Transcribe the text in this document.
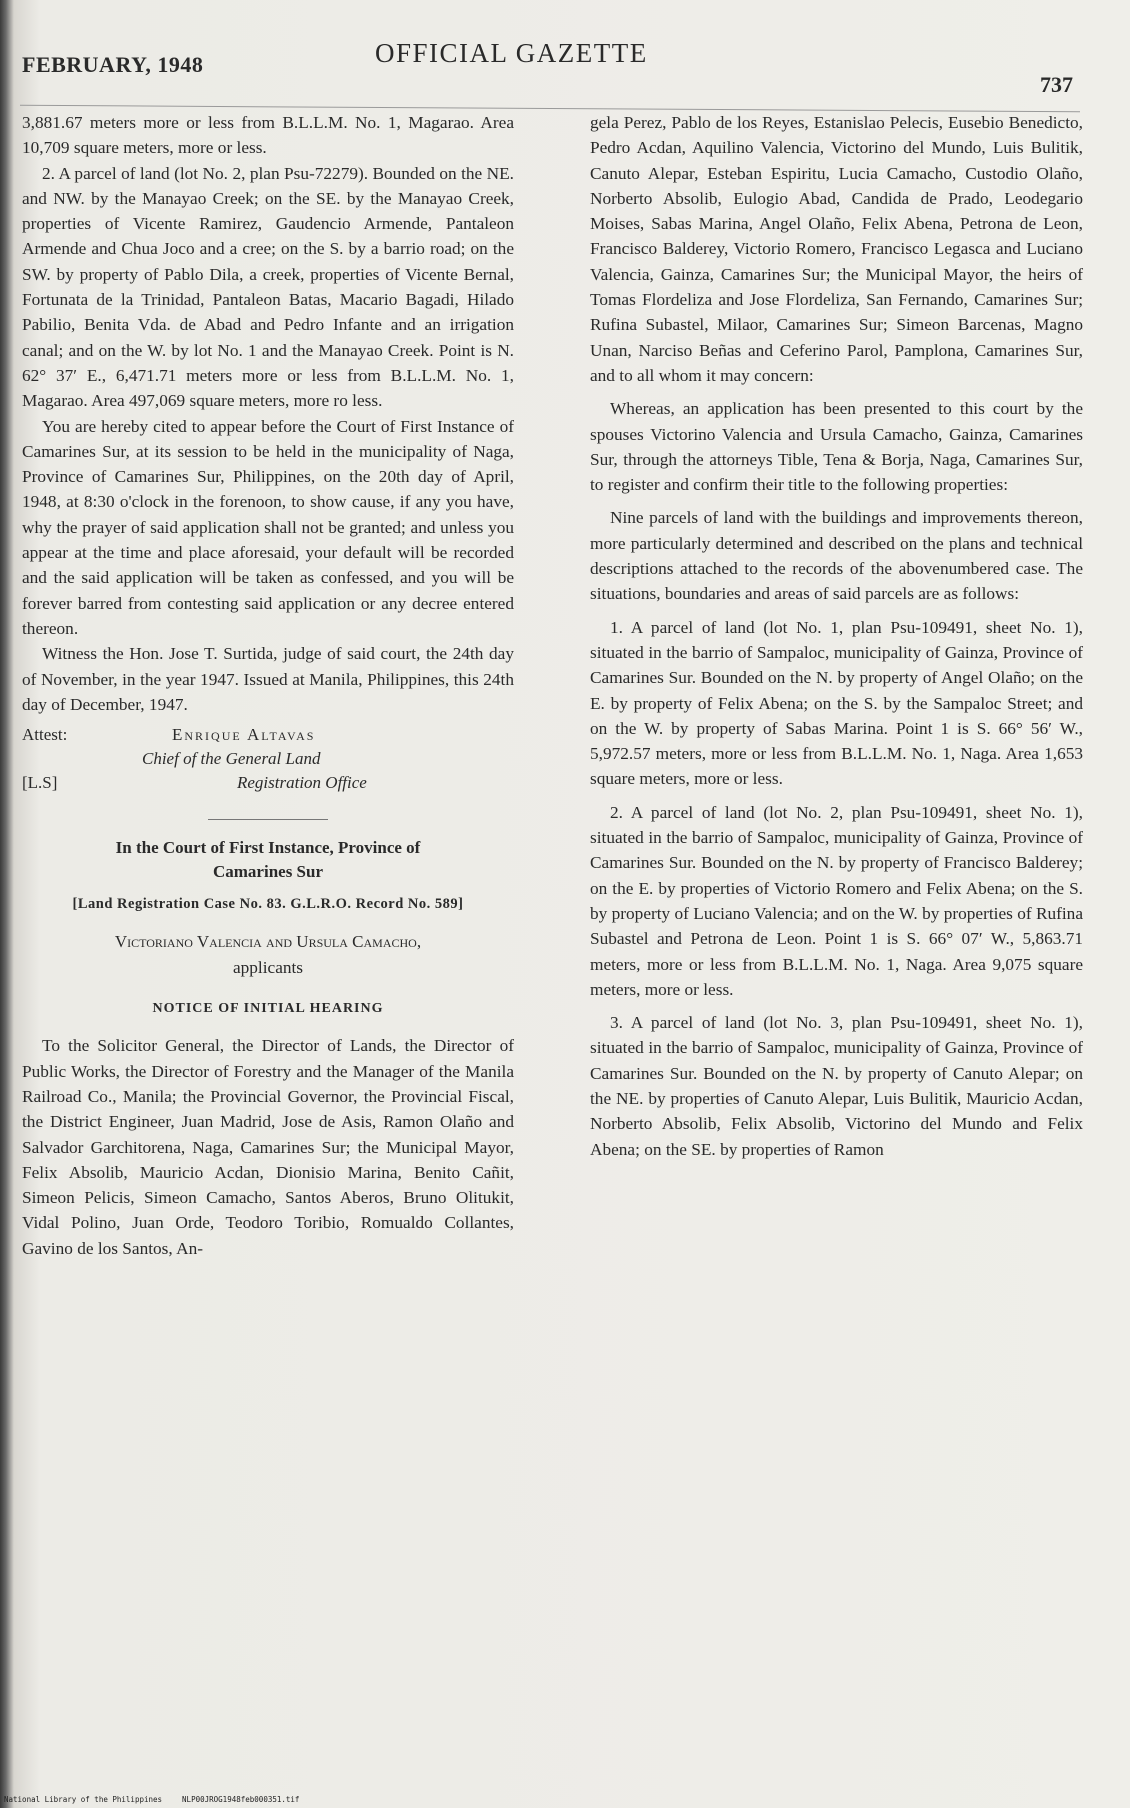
FEBRUARY, 1948	OFFICIAL GAZETTE
737

3,881.67 meters more or less from B.L.L.M. No. 1, Magarao. Area 10,709 square meters, more or less.

2. A parcel of land (lot No. 2, plan Psu-72279). Bounded on the NE. and NW. by the Manayao Creek; on the SE. by the Manayao Creek, properties of Vicente Ramirez, Gaudencio Armende, Pantaleon Armende and Chua Joco and a cree; on the S. by a barrio road; on the SW. by property of Pablo Dila, a creek, properties of Vicente Bernal, Fortunata de la Trinidad, Pantaleon Batas, Macario Bagadi, Hilado Pabilio, Benita Vda. de Abad and Pedro Infante and an irrigation canal; and on the W. by lot No. 1 and the Manayao Creek. Point is N. 62° 37′ E., 6,471.71 meters more or less from B.L.L.M. No. 1, Magarao. Area 497,069 square meters, more ro less.

You are hereby cited to appear before the Court of First Instance of Camarines Sur, at its session to be held in the municipality of Naga, Province of Camarines Sur, Philippines, on the 20th day of April, 1948, at 8:30 o'clock in the forenoon, to show cause, if any you have, why the prayer of said application shall not be granted; and unless you appear at the time and place aforesaid, your default will be recorded and the said application will be taken as confessed, and you will be forever barred from contesting said application or any decree entered thereon.

Witness the Hon. Jose T. Surtida, judge of said court, the 24th day of November, in the year 1947. Issued at Manila, Philippines, this 24th day of December, 1947.

Attest:	Enrique Altavas
Chief of the General Land
[L.S]	Registration Office
In the Court of First Instance, Province of
Camarines Sur
[Land Registration Case No. 83. G.L.R.O. Record No. 589]
Victoriano Valencia and Ursula Camacho,
applicants
NOTICE OF INITIAL HEARING

To the Solicitor General, the Director of Lands, the Director of Public Works, the Director of Forestry and the Manager of the Manila Railroad Co., Manila; the Provincial Governor, the Provincial Fiscal, the District Engineer, Juan Madrid, Jose de Asis, Ramon Olaño and Salvador Garchitorena, Naga, Camarines Sur; the Municipal Mayor, Felix Absolib, Mauricio Acdan, Dionisio Marina, Benito Cañit, Simeon Pelicis, Simeon Camacho, Santos Aberos, Bruno Olitukit, Vidal Polino, Juan Orde, Teodoro Toribio, Romualdo Collantes, Gavino de los Santos, An-

gela Perez, Pablo de los Reyes, Estanislao Pelecis, Eusebio Benedicto, Pedro Acdan, Aquilino Valencia, Victorino del Mundo, Luis Bulitik, Canuto Alepar, Esteban Espiritu, Lucia Camacho, Custodio Olaño, Norberto Absolib, Eulogio Abad, Candida de Prado, Leodegario Moises, Sabas Marina, Angel Olaño, Felix Abena, Petrona de Leon, Francisco Balderey, Victorio Romero, Francisco Legasca and Luciano Valencia, Gainza, Camarines Sur; the Municipal Mayor, the heirs of Tomas Flordeliza and Jose Flordeliza, San Fernando, Camarines Sur; Rufina Subastel, Milaor, Camarines Sur; Simeon Barcenas, Magno Unan, Narciso Beñas and Ceferino Parol, Pamplona, Camarines Sur, and to all whom it may concern:

Whereas, an application has been presented to this court by the spouses Victorino Valencia and Ursula Camacho, Gainza, Camarines Sur, through the attorneys Tible, Tena & Borja, Naga, Camarines Sur, to register and confirm their title to the following properties:

Nine parcels of land with the buildings and improvements thereon, more particularly determined and described on the plans and technical descriptions attached to the records of the abovenumbered case. The situations, boundaries and areas of said parcels are as follows:

1. A parcel of land (lot No. 1, plan Psu-109491, sheet No. 1), situated in the barrio of Sampaloc, municipality of Gainza, Province of Camarines Sur. Bounded on the N. by property of Angel Olaño; on the E. by property of Felix Abena; on the S. by the Sampaloc Street; and on the W. by property of Sabas Marina. Point 1 is S. 66° 56′ W., 5,972.57 meters, more or less from B.L.L.M. No. 1, Naga. Area 1,653 square meters, more or less.

2. A parcel of land (lot No. 2, plan Psu-109491, sheet No. 1), situated in the barrio of Sampaloc, municipality of Gainza, Province of Camarines Sur. Bounded on the N. by property of Francisco Balderey; on the E. by properties of Victorio Romero and Felix Abena; on the S. by property of Luciano Valencia; and on the W. by properties of Rufina Subastel and Petrona de Leon. Point 1 is S. 66° 07′ W., 5,863.71 meters, more or less from B.L.L.M. No. 1, Naga. Area 9,075 square meters, more or less.

3. A parcel of land (lot No. 3, plan Psu-109491, sheet No. 1), situated in the barrio of Sampaloc, municipality of Gainza, Province of Camarines Sur. Bounded on the N. by property of Canuto Alepar; on the NE. by properties of Canuto Alepar, Luis Bulitik, Mauricio Acdan, Norberto Absolib, Felix Absolib, Victorino del Mundo and Felix Abena; on the SE. by properties of Ramon

National Library of the Philippines	NLP00JROG1948feb000351.tif
